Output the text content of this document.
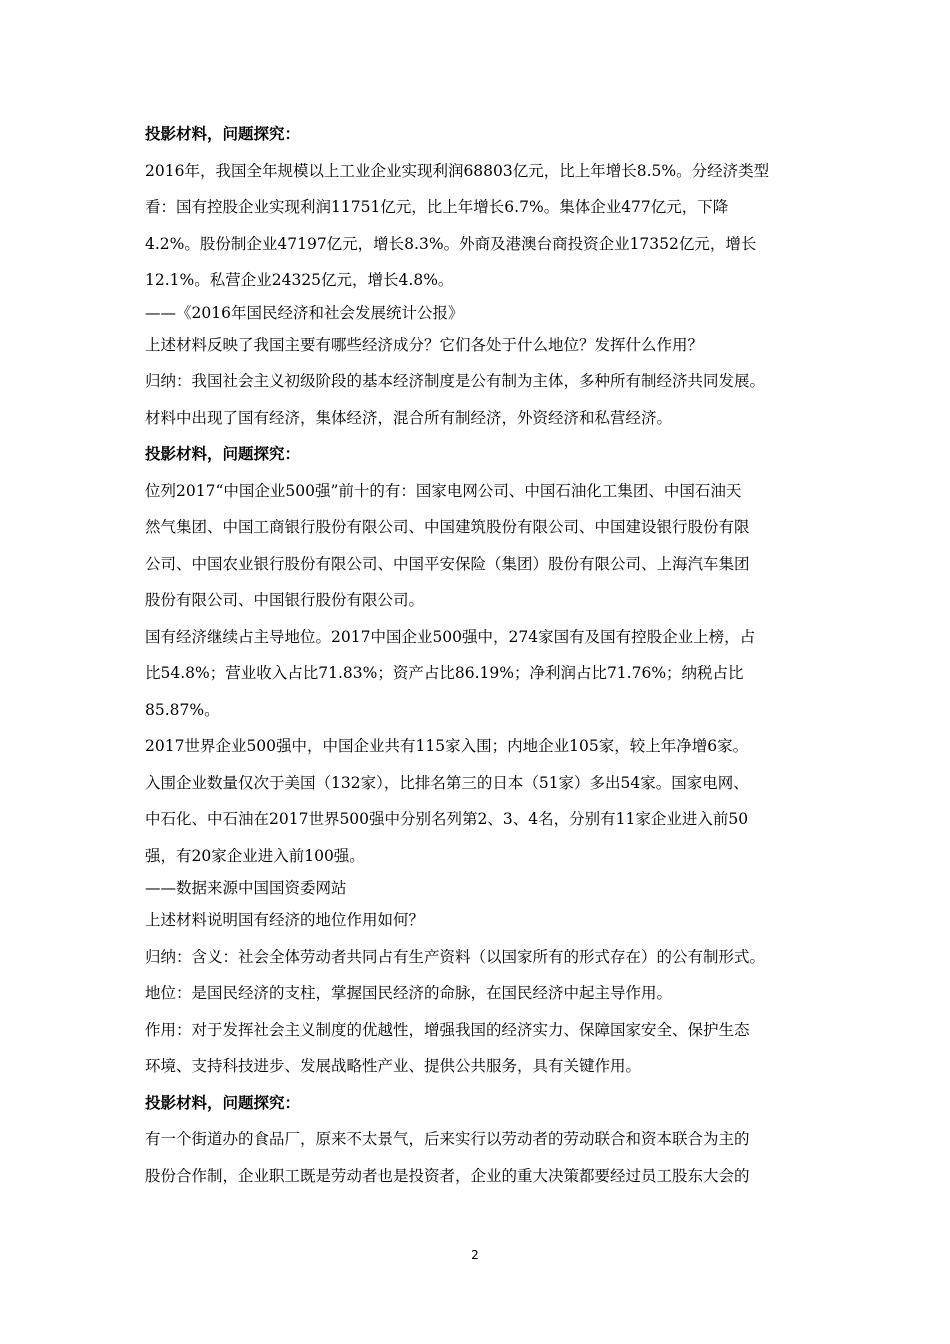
投影材料，问题探究：
2016年，我国全年规模以上工业企业实现利润68803亿元，比上年增长8.5%。分经济类型
看：国有控股企业实现利润11751亿元，比上年增长6.7%。集体企业477亿元，下降
4.2%。股份制企业47197亿元，增长8.3%。外商及港澳台商投资企业17352亿元，增长
12.1%。私营企业24325亿元，增长4.8%。
——《2016年国民经济和社会发展统计公报》
上述材料反映了我国主要有哪些经济成分？它们各处于什么地位？发挥什么作用？
归纳：我国社会主义初级阶段的基本经济制度是公有制为主体，多种所有制经济共同发展。
材料中出现了国有经济，集体经济，混合所有制经济，外资经济和私营经济。
投影材料，问题探究：
位列2017“中国企业500强”前十的有：国家电网公司、中国石油化工集团、中国石油天
然气集团、中国工商银行股份有限公司、中国建筑股份有限公司、中国建设银行股份有限
公司、中国农业银行股份有限公司、中国平安保险（集团）股份有限公司、上海汽车集团
股份有限公司、中国银行股份有限公司。
国有经济继续占主导地位。2017中国企业500强中，274家国有及国有控股企业上榜，占
比54.8%；营业收入占比71.83%；资产占比86.19%；净利润占比71.76%；纳税占比
85.87%。
2017世界企业500强中，中国企业共有115家入围；内地企业105家，较上年净增6家。
入围企业数量仅次于美国（132家），比排名第三的日本（51家）多出54家。国家电网、
中石化、中石油在2017世界500强中分别名列第2、3、4名，分别有11家企业进入前50
强，有20家企业进入前100强。
——数据来源中国国资委网站
上述材料说明国有经济的地位作用如何？
归纳：含义：社会全体劳动者共同占有生产资料（以国家所有的形式存在）的公有制形式。
地位：是国民经济的支柱，掌握国民经济的命脉，在国民经济中起主导作用。
作用：对于发挥社会主义制度的优越性，增强我国的经济实力、保障国家安全、保护生态
环境、支持科技进步、发展战略性产业、提供公共服务，具有关键作用。
投影材料，问题探究：
有一个街道办的食品厂，原来不太景气，后来实行以劳动者的劳动联合和资本联合为主的
股份合作制，企业职工既是劳动者也是投资者，企业的重大决策都要经过员工股东大会的
2
